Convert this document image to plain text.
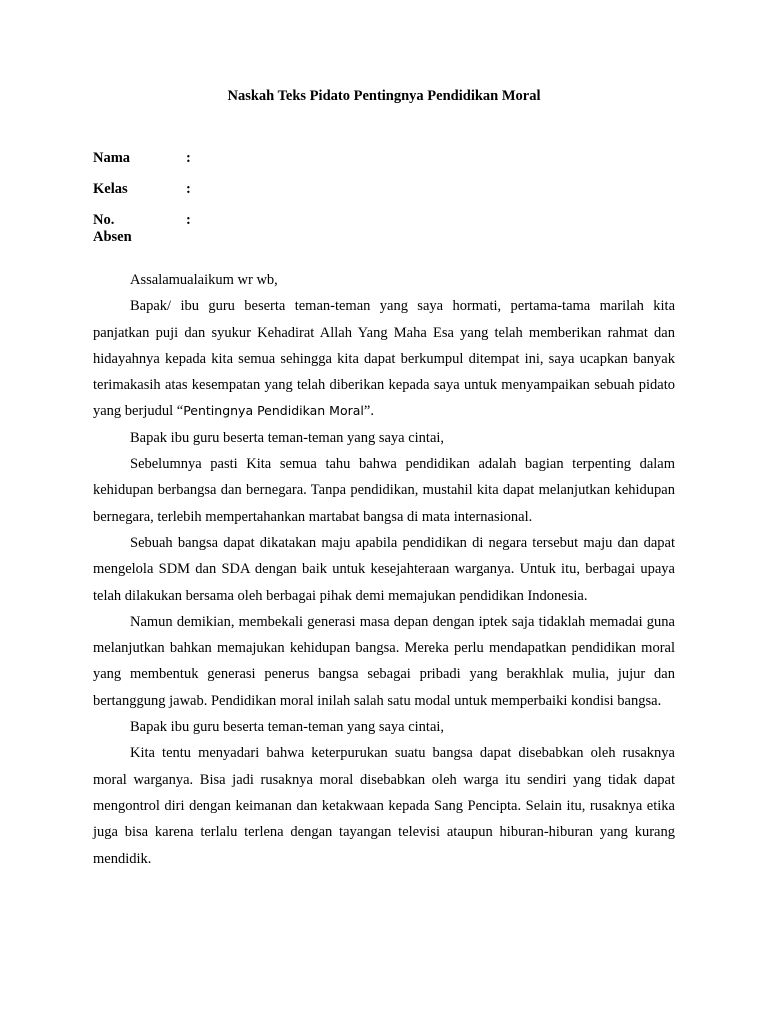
Naskah Teks Pidato Pentingnya Pendidikan Moral
Nama	:
Kelas	:
No. Absen
:

Assalamualaikum wr wb,

Bapak/ ibu guru beserta teman-teman yang saya hormati, pertama-tama marilah kita panjatkan puji dan syukur Kehadirat Allah Yang Maha Esa yang telah memberikan rahmat dan hidayahnya kepada kita semua sehingga kita dapat berkumpul ditempat ini, saya ucapkan banyak terimakasih atas kesempatan yang telah diberikan kepada saya untuk menyampaikan sebuah pidato yang berjudul “Pentingnya Pendidikan Moral”.

Bapak ibu guru beserta teman-teman yang saya cintai,

Sebelumnya pasti Kita semua tahu bahwa pendidikan adalah bagian terpenting dalam kehidupan berbangsa dan bernegara. Tanpa pendidikan, mustahil kita dapat melanjutkan kehidupan bernegara, terlebih mempertahankan martabat bangsa di mata internasional.

Sebuah bangsa dapat dikatakan maju apabila pendidikan di negara tersebut maju dan dapat mengelola SDM dan SDA dengan baik untuk kesejahteraan warganya. Untuk itu, berbagai upaya telah dilakukan bersama oleh berbagai pihak demi memajukan pendidikan Indonesia.

Namun demikian, membekali generasi masa depan dengan iptek saja tidaklah memadai guna melanjutkan bahkan memajukan kehidupan bangsa. Mereka perlu mendapatkan pendidikan moral yang membentuk generasi penerus bangsa sebagai pribadi yang berakhlak mulia, jujur dan bertanggung jawab. Pendidikan moral inilah salah satu modal untuk memperbaiki kondisi bangsa.

Bapak ibu guru beserta teman-teman yang saya cintai,

Kita tentu menyadari bahwa keterpurukan suatu bangsa dapat disebabkan oleh rusaknya moral warganya. Bisa jadi rusaknya moral disebabkan oleh warga itu sendiri yang tidak dapat mengontrol diri dengan keimanan dan ketakwaan kepada Sang Pencipta. Selain itu, rusaknya etika juga bisa karena terlalu terlena dengan tayangan televisi ataupun hiburan-hiburan yang kurang mendidik.
